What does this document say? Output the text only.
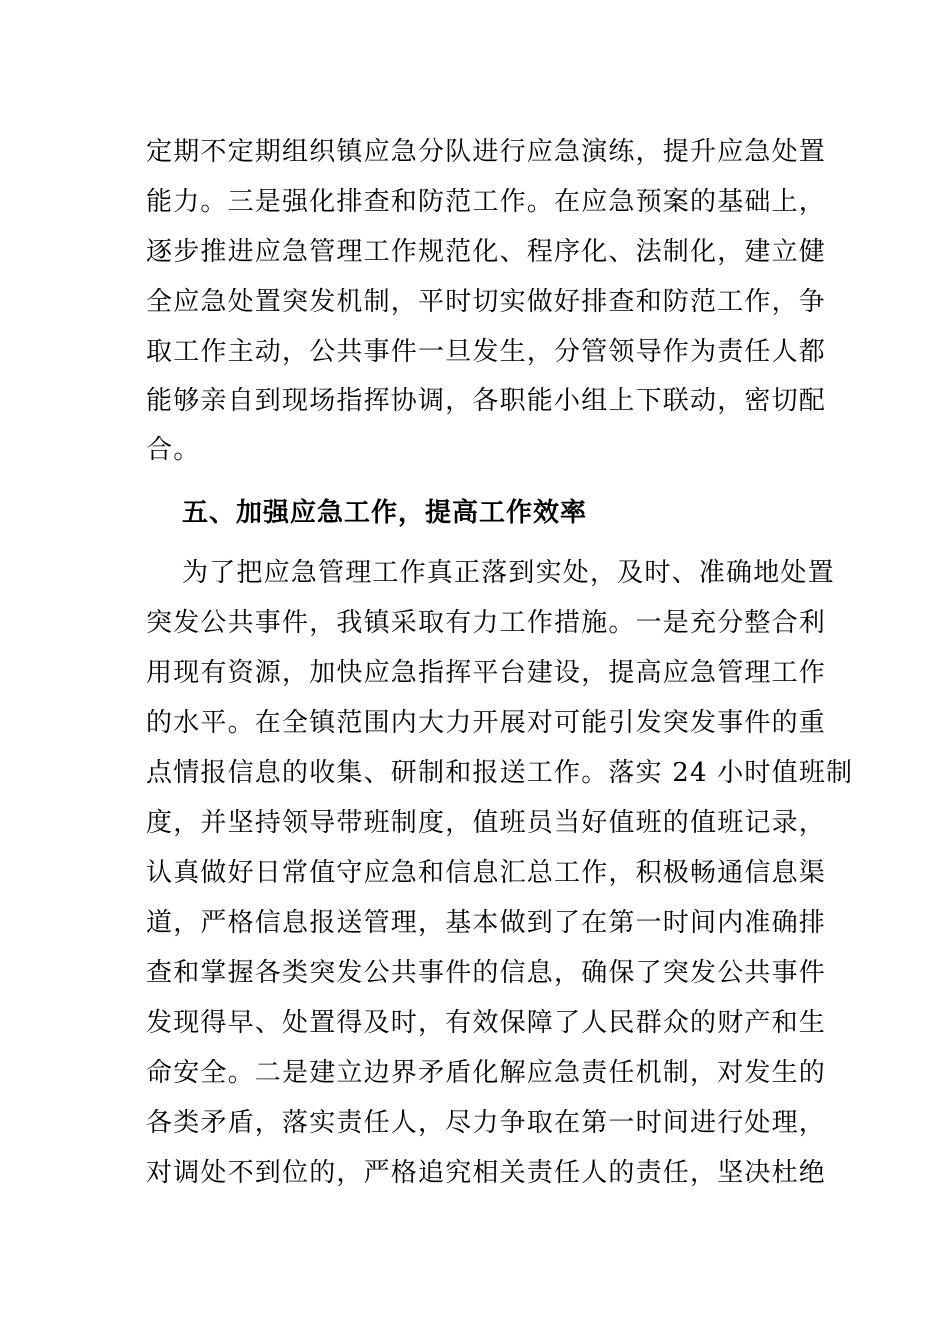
定期不定期组织镇应急分队进行应急演练，提升应急处置
能力。三是强化排查和防范工作。在应急预案的基础上，
逐步推进应急管理工作规范化、程序化、法制化，建立健
全应急处置突发机制，平时切实做好排查和防范工作，争
取工作主动，公共事件一旦发生，分管领导作为责任人都
能够亲自到现场指挥协调，各职能小组上下联动，密切配
合。
五、加强应急工作，提高工作效率
为了把应急管理工作真正落到实处，及时、准确地处置
突发公共事件，我镇采取有力工作措施。一是充分整合利
用现有资源，加快应急指挥平台建设，提高应急管理工作
的水平。在全镇范围内大力开展对可能引发突发事件的重
点情报信息的收集、研制和报送工作。落实 24 小时值班制
度，并坚持领导带班制度，值班员当好值班的值班记录，
认真做好日常值守应急和信息汇总工作，积极畅通信息渠
道，严格信息报送管理，基本做到了在第一时间内准确排
查和掌握各类突发公共事件的信息，确保了突发公共事件
发现得早、处置得及时，有效保障了人民群众的财产和生
命安全。二是建立边界矛盾化解应急责任机制，对发生的
各类矛盾，落实责任人，尽力争取在第一时间进行处理，
对调处不到位的，严格追究相关责任人的责任，坚决杜绝
